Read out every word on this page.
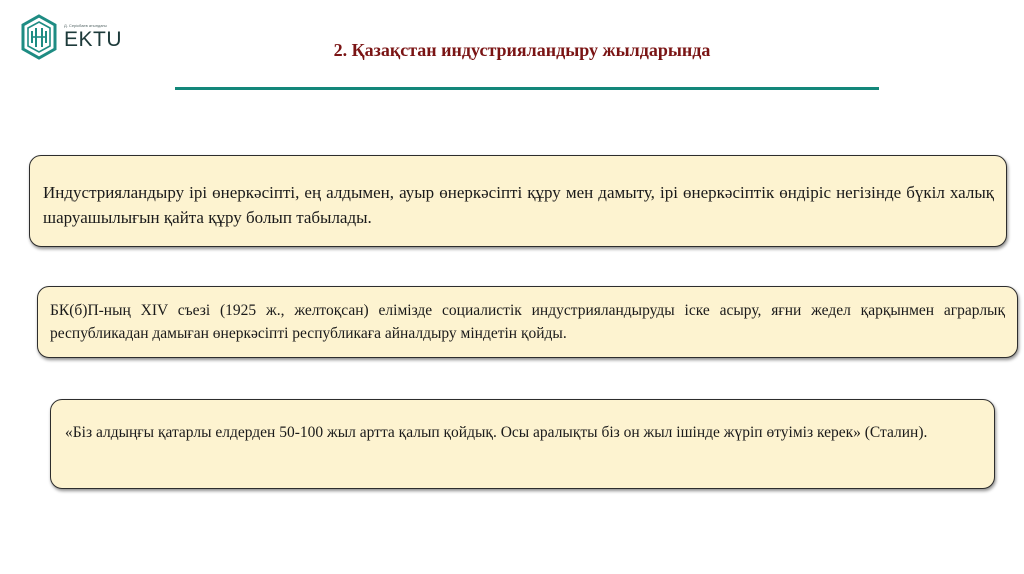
Д. Серікбаев атындағы
EKTU	2. Қазақстан индустрияландыру жылдарында
Индустрияландыру ірі өнеркәсіпті, ең алдымен, ауыр өнеркәсіпті құру мен дамыту, ірі өнеркәсіптік өндіріс негізінде бүкіл халық шаруашылығын қайта құру болып табылады.
БК(б)П-ның XIV съезі (1925 ж., желтоқсан) елімізде социалистік индустрияландыруды іске асыру, яғни жедел қарқынмен аграрлық республикадан дамыған өнеркәсіпті республикаға айналдыру міндетін қойды.
«Біз алдыңғы қатарлы елдерден 50-100 жыл артта қалып қойдық. Осы аралықты біз он жыл ішінде жүріп өтуіміз керек» (Сталин).
